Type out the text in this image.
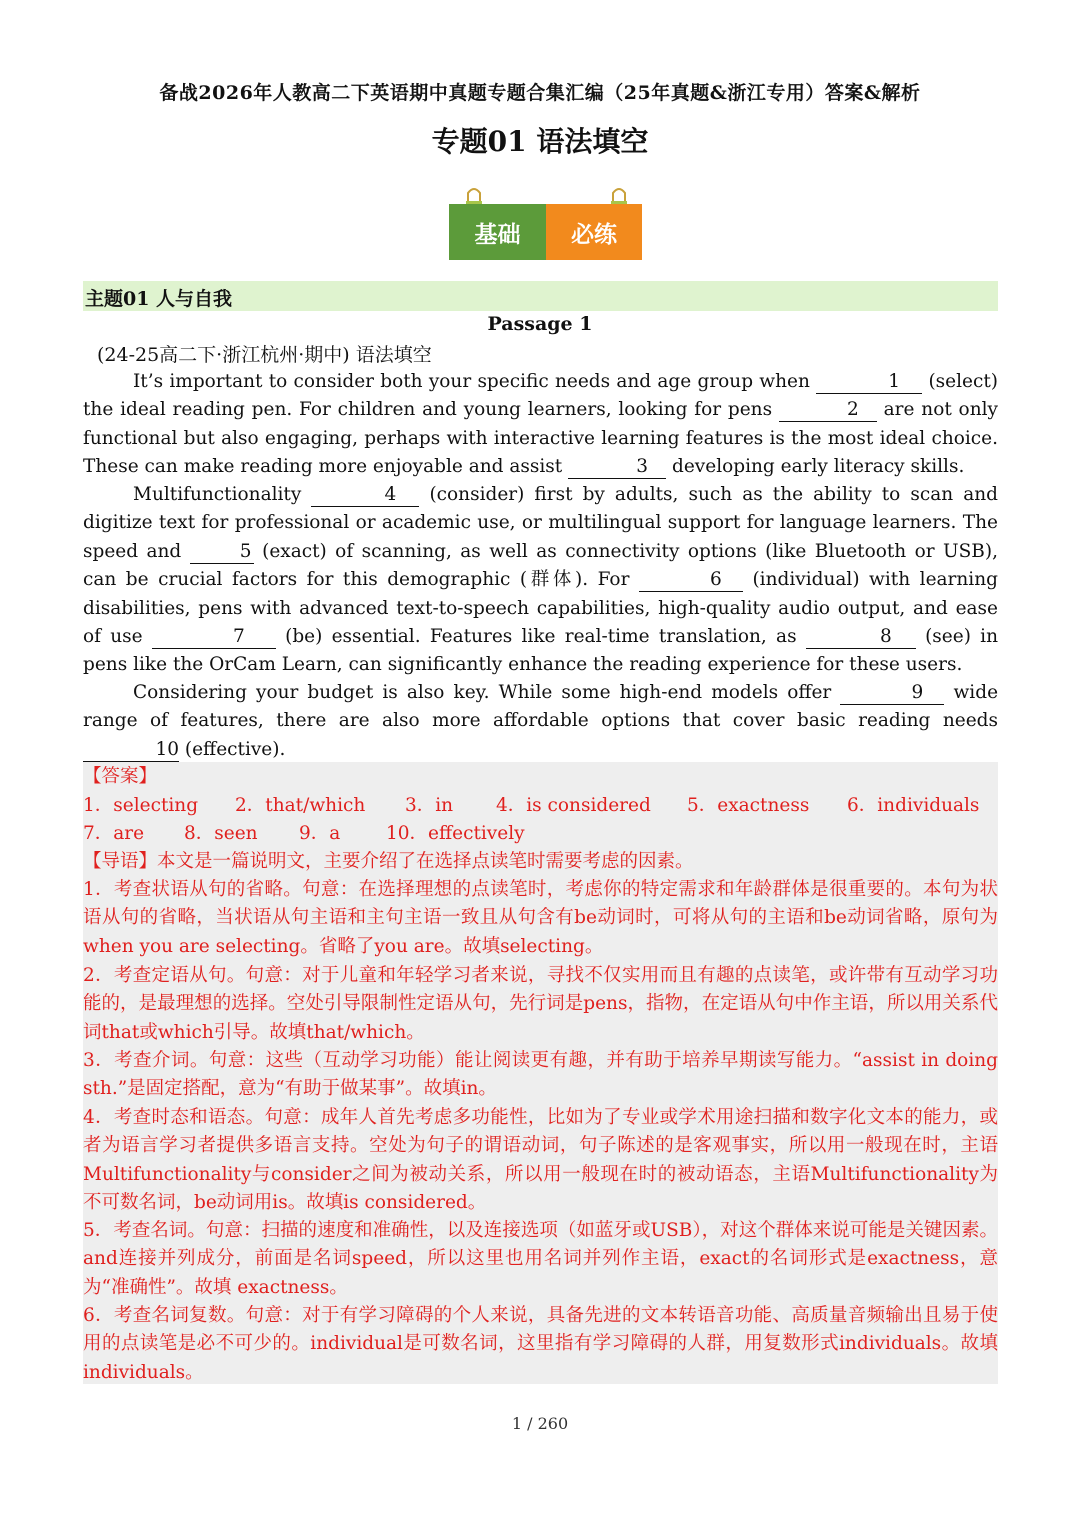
备战2026年人教高二下英语期中真题专题合集汇编（25年真题&浙江专用）答案&解析
专题01 语法填空
基础	必练
主题01 人与自我
Passage 1
(24-25高二下·浙江杭州·期中) 语法填空
It’s important to consider both your specific needs and age group when	1 (select) the ideal reading pen. For children and young learners, looking for pens	2 are not only functional but also engaging, perhaps with interactive learning features is the most ideal choice. These can make reading more enjoyable and assist	3 developing early literacy skills.
Multifunctionality	4 (consider) first by adults, such as the ability to scan and digitize text for professional or academic use, or multilingual support for language learners. The speed and	5 (exact) of scanning, as well as connectivity options (like Bluetooth or USB), can be crucial factors for this demographic (群体). For	6 (individual) with learning disabilities, pens with advanced text-to-speech capabilities, high-quality audio output, and ease of use	7 (be) essential. Features like real-time translation, as	8 (see) in pens like the OrCam Learn, can significantly enhance the reading experience for these users.
Considering your budget is also key. While some high-end models offer	9 wide range of features, there are also more affordable options that cover basic reading needs 10 (effective).
【答案】
1．selecting 2．that/which 3．in 4．is considered 5．exactness 6．individuals
7．are 8．seen 9．a 10．effectively
【导语】本文是一篇说明文，主要介绍了在选择点读笔时需要考虑的因素。
1．考查状语从句的省略。句意：在选择理想的点读笔时，考虑你的特定需求和年龄群体是很重要的。本句为状语从句的省略，当状语从句主语和主句主语一致且从句含有be动词时，可将从句的主语和be动词省略，原句为when you are selecting。省略了you are。故填selecting。
2．考查定语从句。句意：对于儿童和年轻学习者来说，寻找不仅实用而且有趣的点读笔，或许带有互动学习功能的，是最理想的选择。空处引导限制性定语从句，先行词是pens，指物，在定语从句中作主语，所以用关系代词that或which引导。故填that/which。
3．考查介词。句意：这些（互动学习功能）能让阅读更有趣，并有助于培养早期读写能力。“assist in doing sth.”是固定搭配，意为“有助于做某事”。故填in。
4．考查时态和语态。句意：成年人首先考虑多功能性，比如为了专业或学术用途扫描和数字化文本的能力，或者为语言学习者提供多语言支持。空处为句子的谓语动词，句子陈述的是客观事实，所以用一般现在时，主语Multifunctionality与consider之间为被动关系，所以用一般现在时的被动语态，主语Multifunctionality为不可数名词，be动词用is。故填is considered。
5．考查名词。句意：扫描的速度和准确性，以及连接选项（如蓝牙或USB），对这个群体来说可能是关键因素。and连接并列成分，前面是名词speed，所以这里也用名词并列作主语，exact的名词形式是exactness，意为“准确性”。故填 exactness。
6．考查名词复数。句意：对于有学习障碍的个人来说，具备先进的文本转语音功能、高质量音频输出且易于使用的点读笔是必不可少的。individual是可数名词，这里指有学习障碍的人群，用复数形式individuals。故填individuals。
1 / 260
